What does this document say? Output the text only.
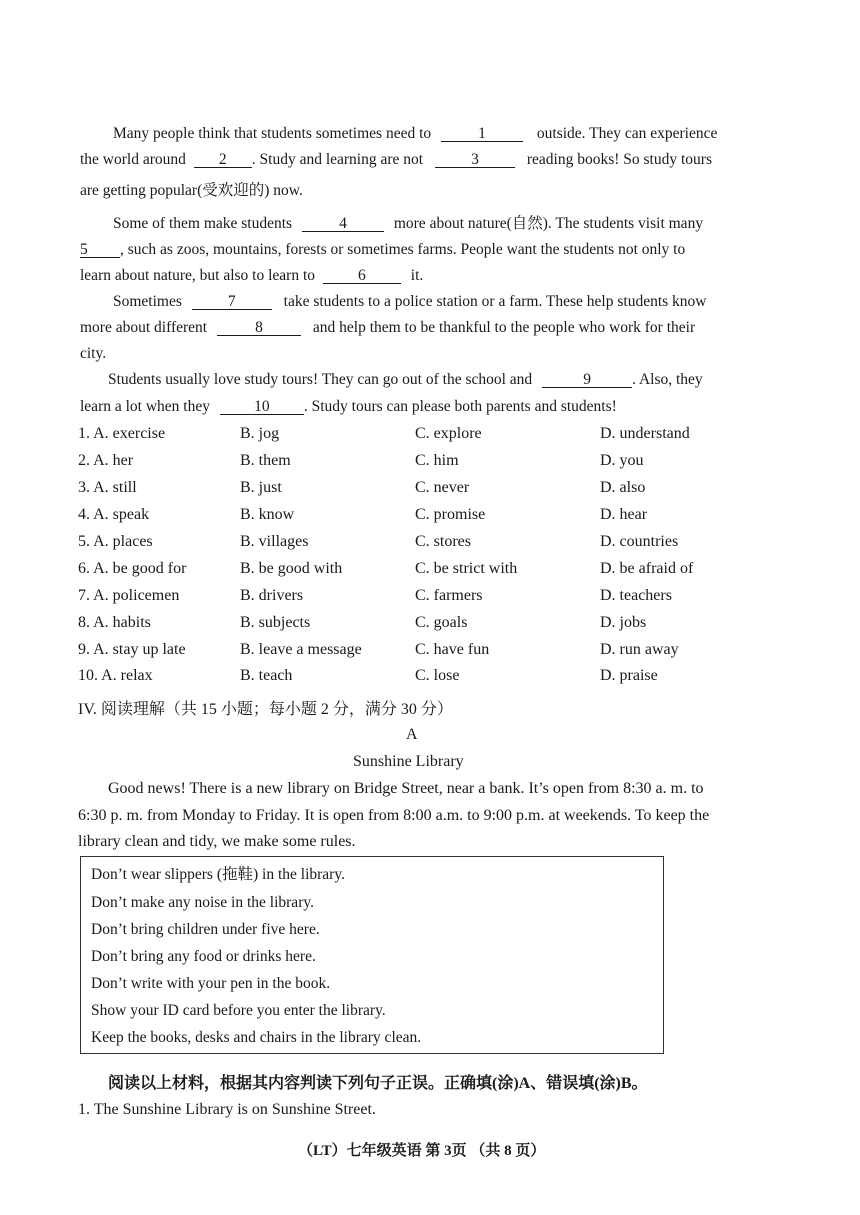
Many people think that students sometimes need to	1	outside. They can experience
the world around 2 . Study and learning are not	3	reading books! So study tours
are getting popular(受欢迎的) now.
Some of them make students	4	more about nature(自然). The students visit many
5 , such as zoos, mountains, forests or sometimes farms. People want the students not only to
learn about nature, but also to learn to	6	it.
Sometimes	7	take students to a police station or a farm. These help students know
more about different	8	and help them to be thankful to the people who work for their
city.
Students usually love study tours! They can go out of the school and	9	. Also, they
learn a lot when they	10 . Study tours can please both parents and students!
1. A. exercise	B. jog	C. explore	D. understand
2. A. her	B. them	C. him	D. you
3. A. still	B. just	C. never	D. also
4. A. speak	B. know	C. promise	D. hear
5. A. places	B. villages	C. stores	D. countries
6. A. be good for	B. be good with	C. be strict with	D. be afraid of
7. A. policemen	B. drivers	C. farmers	D. teachers
8. A. habits	B. subjects	C. goals	D. jobs
9. A. stay up late	B. leave a message	C. have fun	D. run away
10. A. relax	B. teach	C. lose	D. praise
IV. 阅读理解（共 15 小题；每小题 2 分，满分 30 分）
A
Sunshine Library
Good news! There is a new library on Bridge Street, near a bank. It’s open from 8:30 a. m. to
6:30 p. m. from Monday to Friday. It is open from 8:00 a.m. to 9:00 p.m. at weekends. To keep the
library clean and tidy, we make some rules.
Don’t wear slippers (拖鞋) in the library.
Don’t make any noise in the library.
Don’t bring children under five here.
Don’t bring any food or drinks here.
Don’t write with your pen in the book.
Show your ID card before you enter the library.
Keep the books, desks and chairs in the library clean.
阅读以上材料，根据其内容判读下列句子正误。正确填(涂)A、错误填(涂)B。
1. The Sunshine Library is on Sunshine Street.
（LT）七年级英语 第 3页 （共 8 页）
